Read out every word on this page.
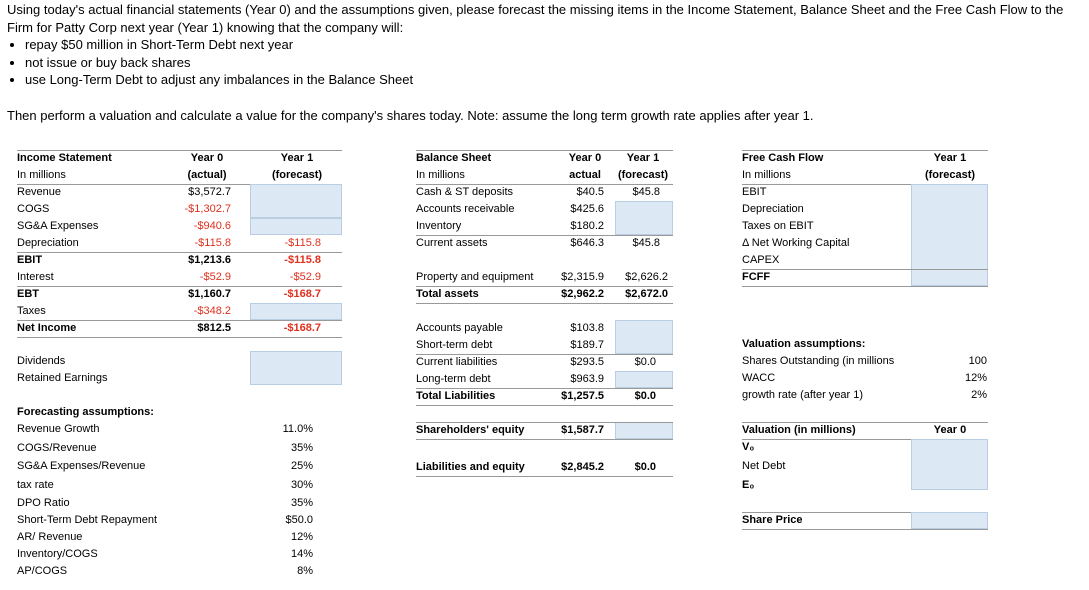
Using today's actual financial statements (Year 0) and the assumptions given, please forecast the missing items in the Income Statement, Balance Sheet and the Free Cash Flow to the
Firm for Patty Corp next year (Year 1) knowing that the company will:
• repay $50 million in Short-Term Debt next year
• not issue or buy back shares
• use Long-Term Debt to adjust any imbalances in the Balance Sheet
Then perform a valuation and calculate a value for the company's shares today. Note: assume the long term growth rate applies after year 1.
Income Statement	Year 0	Year 1
In millions	(actual)	(forecast)
Revenue	$3,572.7
COGS	-$1,302.7
SG&A Expenses	-$940.6
Depreciation	-$115.8	-$115.8
EBIT	$1,213.6	-$115.8
Interest	-$52.9	-$52.9
EBT	$1,160.7	-$168.7
Taxes	-$348.2
Net Income	$812.5	-$168.7
Dividends
Retained Earnings
Forecasting assumptions:
Revenue Growth	11.0%
COGS/Revenue	35%
SG&A Expenses/Revenue	25%
tax rate	30%
DPO Ratio	35%
Short-Term Debt Repayment	$50.0
AR/ Revenue	12%
Inventory/COGS	14%
AP/COGS	8%
Balance Sheet	Year 0	Year 1
In millions	actual	(forecast)
Cash & ST deposits	$40.5	$45.8
Accounts receivable	$425.6
Inventory	$180.2
Current assets	$646.3	$45.8
Property and equipment	$2,315.9	$2,626.2
Total assets	$2,962.2	$2,672.0
Accounts payable	$103.8
Short-term debt	$189.7
Current liabilities	$293.5	$0.0
Long-term debt	$963.9
Total Liabilities	$1,257.5	$0.0
Shareholders' equity	$1,587.7
Liabilities and equity	$2,845.2	$0.0
Free Cash Flow	Year 1
In millions	(forecast)
EBIT
Depreciation
Taxes on EBIT
Δ Net Working Capital
CAPEX
FCFF
Valuation assumptions:
Shares Outstanding (in millions	100
WACC	12%
growth rate (after year 1)	2%
Valuation (in millions)	Year 0
V₀
Net Debt
E₀
Share Price
